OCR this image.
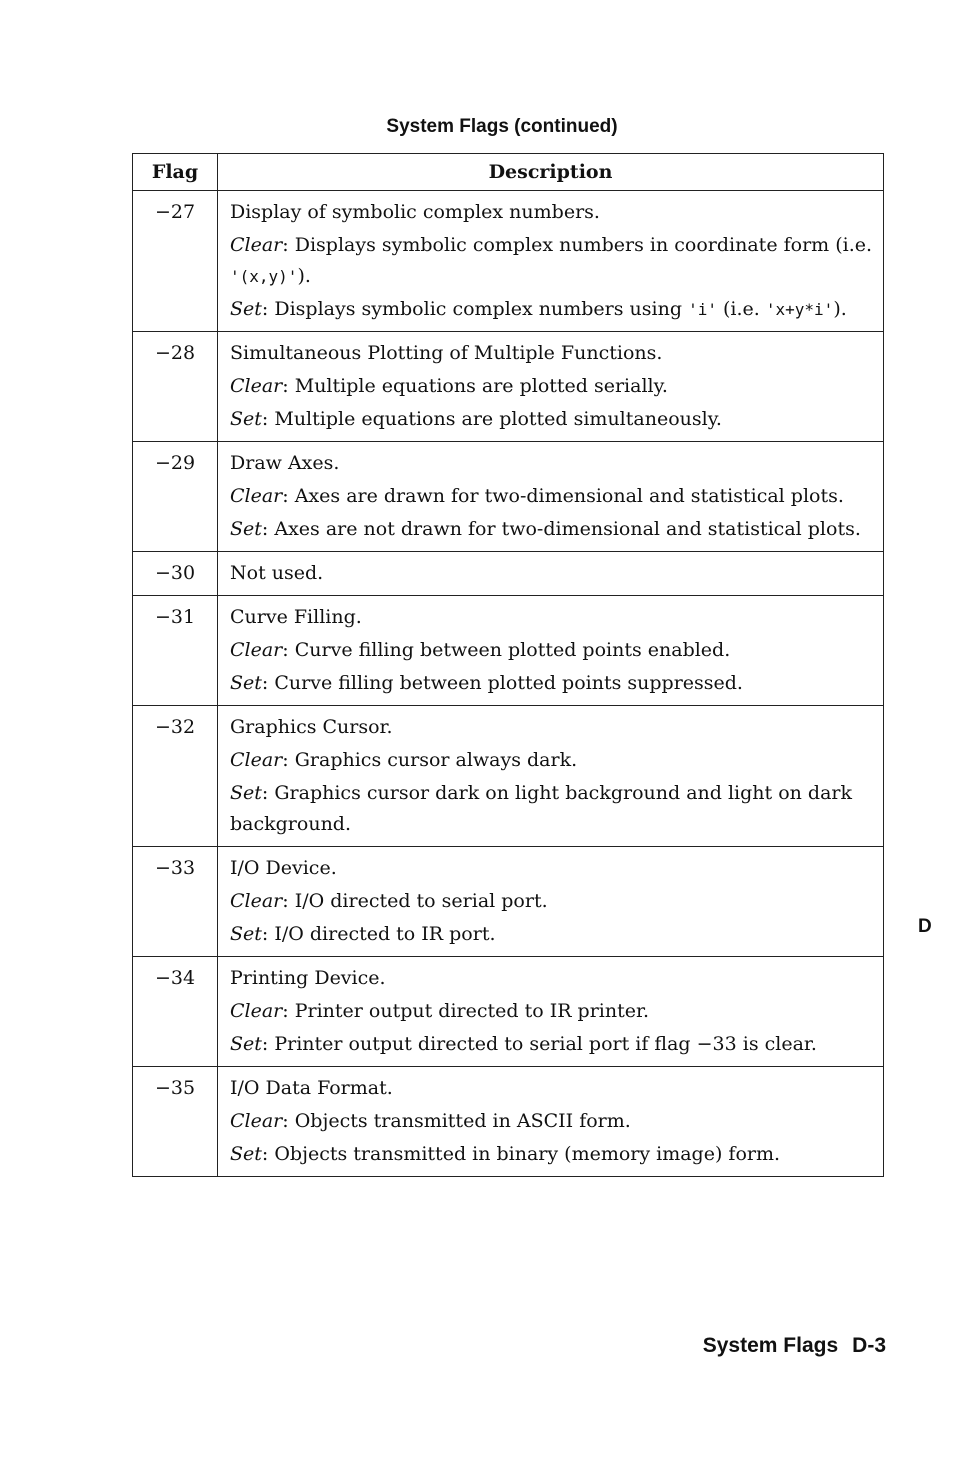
System Flags (continued)
Flag	Description
−27	Display of symbolic complex numbers.
Clear: Displays symbolic complex numbers in coordinate form (i.e. '(x,y)').
Set: Displays symbolic complex numbers using 'i' (i.e. 'x+y*i').

−28	Simultaneous Plotting of Multiple Functions.
Clear: Multiple equations are plotted serially.
Set: Multiple equations are plotted simultaneously.

−29	Draw Axes.
Clear: Axes are drawn for two-dimensional and statistical plots.
Set: Axes are not drawn for two-dimensional and statistical plots.

−30	Not used.

−31	Curve Filling.
Clear: Curve filling between plotted points enabled.
Set: Curve filling between plotted points suppressed.

−32	Graphics Cursor.
Clear: Graphics cursor always dark.
Set: Graphics cursor dark on light background and light on dark background.

−33	I/O Device.
Clear: I/O directed to serial port.
Set: I/O directed to IR port.

−34	Printing Device.
Clear: Printer output directed to IR printer.
Set: Printer output directed to serial port if flag −33 is clear.

−35	I/O Data Format.
Clear: Objects transmitted in ASCII form.
Set: Objects transmitted in binary (memory image) form.
D
System Flags D-3
